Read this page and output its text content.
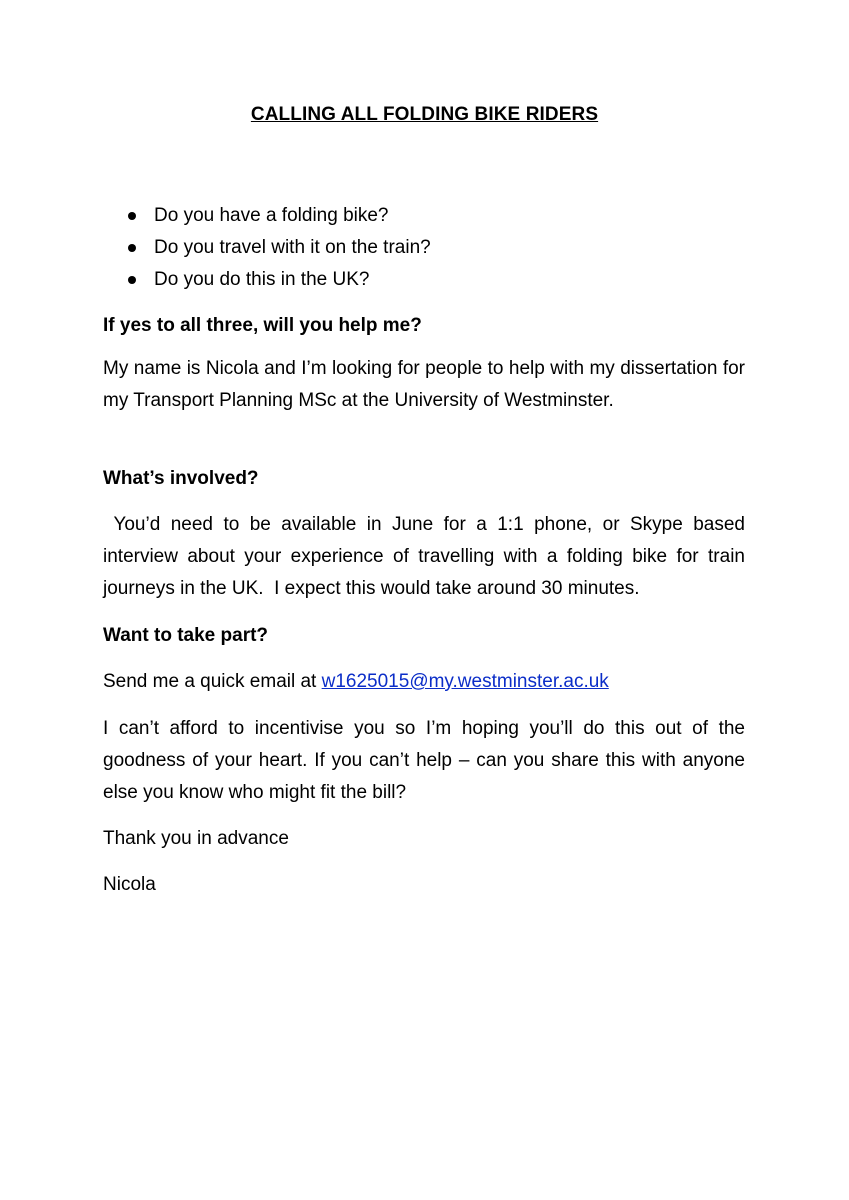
CALLING ALL FOLDING BIKE RIDERS
Do you have a folding bike?
Do you travel with it on the train?
Do you do this in the UK?
If yes to all three, will you help me?
My name is Nicola and I’m looking for people to help with my dissertation for my Transport Planning MSc at the University of Westminster.
What’s involved?
You’d need to be available in June for a 1:1 phone, or Skype based interview about your experience of travelling with a folding bike for train journeys in the UK.  I expect this would take around 30 minutes.
Want to take part?
Send me a quick email at w1625015@my.westminster.ac.uk
I can’t afford to incentivise you so I’m hoping you’ll do this out of the goodness of your heart. If you can’t help – can you share this with anyone else you know who might fit the bill?
Thank you in advance
Nicola
